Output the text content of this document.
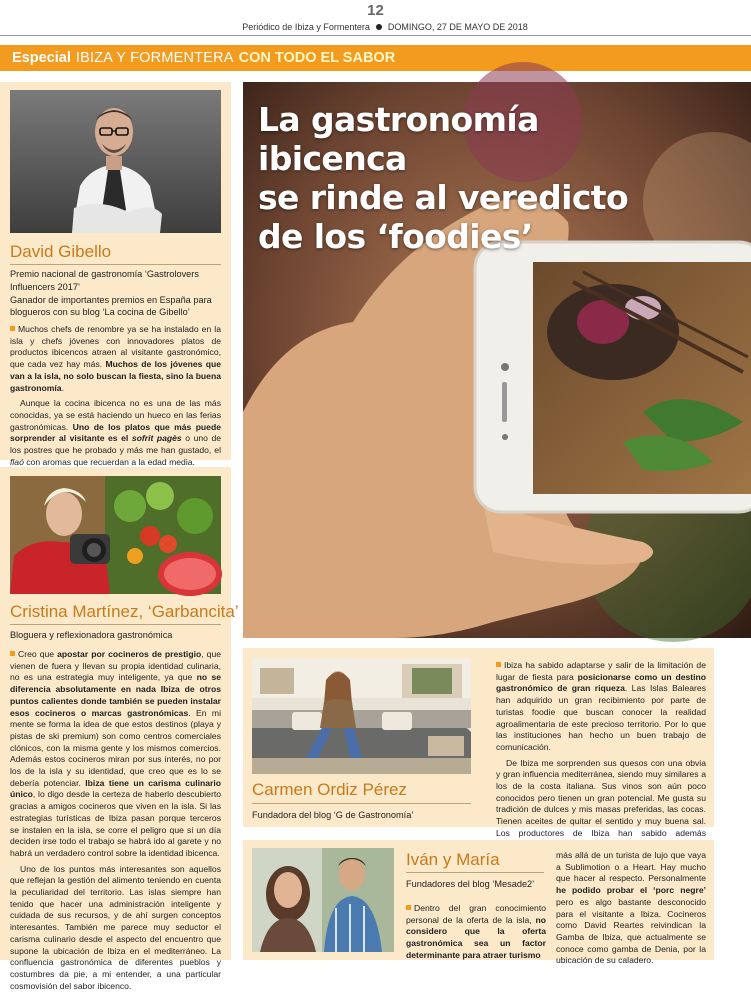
12
Periódico de Ibiza y Formentera DOMINGO, 27 DE MAYO DE 2018
Especial IBIZA Y FORMENTERA CON TODO EL SABOR
David Gibello
Premio nacional de gastronomía ‘Gastrolovers Influencers 2017’
Ganador de importantes premios en España para blogueros con su blog ‘La cocina de Gibello’

Muchos chefs de renombre ya se ha instalado en la isla y chefs jóvenes con innovadores platos de productos ibicencos atraen al visitante gastronómico, que cada vez hay más. Muchos de los jóvenes que van a la isla, no solo buscan la fiesta, sino la buena gastronomía.

Aunque la cocina ibicenca no es una de las más conocidas, ya se está haciendo un hueco en las ferias gastronómicas. Uno de los platos que más puede sorprender al visitante es el sofrit pagès o uno de los postres que he probado y más me han gustado, el flaó con aromas que recuerdan a la edad media.

Cristina Martínez, ‘Garbancita’
Bloguera y reflexionadora gastronómica

Creo que apostar por cocineros de prestigio, que vienen de fuera y llevan su propia identidad culinaria, no es una estrategia muy inteligente, ya que no se diferencia absolutamente en nada Ibiza de otros puntos calientes donde también se pueden instalar esos cocineros o marcas gastronómicas. En mi mente se forma la idea de que estos destinos (playa y pistas de ski premium) son como centros comerciales clónicos, con la misma gente y los mismos comercios. Además estos cocineros miran por sus interés, no por los de la isla y su identidad, que creo que es lo se debería potenciar. Ibiza tiene un carisma culinario único, lo digo desde la certeza de haberlo descubierto gracias a amigos cocineros que viven en la isla. Si las estrategias turísticas de Ibiza pasan porque terceros se instalen en la isla, se corre el peligro que si un día deciden irse todo el trabajo se habrá ido al garete y no habrá un verdadero control sobre la identidad ibicenca.

Uno de los puntos más interesantes son aquellos que reflejan la gestión del alimento teniendo en cuenta la peculiaridad del territorio. Las islas siempre han tenido que hacer una administración inteligente y cuidada de sus recursos, y de ahí surgen conceptos interesantes. También me parece muy seductor el carisma culinario desde el aspecto del encuentro que supone la ubicación de Ibiza en el mediterráneo. La confluencia gastronómica de diferentes pueblos y costumbres da pie, a mi entender, a una particular cosmovisión del sabor ibicenco.

La gastronomía ibicenca
se rinde al veredicto
de los ‘foodies’
Carmen Ordiz Pérez
Fundadora del blog ‘G de Gastronomía’

Ibiza ha sabido adaptarse y salir de la limitación de lugar de fiesta para posicionarse como un destino gastronómico de gran riqueza. Las Islas Baleares han adquirido un gran recibimiento por parte de turistas foodie que buscan conocer la realidad agroalimentaria de este precioso territorio. Por lo que las instituciones han hecho un buen trabajo de comunicación.

De Ibiza me sorprenden sus quesos con una obvia y gran influencia mediterránea, siendo muy similares a los de la costa italiana. Sus vinos son aún poco conocidos pero tienen un gran potencial. Me gusta su tradición de dulces y mis masas preferidas, las cocas. Tienen aceites de quitar el sentido y muy buena sal. Los productores de Ibiza han sabido además

Iván y María
Fundadores del blog ‘Mesade2’

Dentro del gran conocimiento personal de la oferta de la isla, no considero que la oferta gastronómica sea un factor determinante para atraer turismo

más allá de un turista de lujo que vaya a Sublimotion o a Heart. Hay mucho que hacer al respecto. Personalmente he podido probar el ‘porc negre’ pero es algo bastante desconocido para el visitante a Ibiza. Cocineros como David Reartes reivindican la Gamba de Ibiza, que actualmente se conoce como gamba de Denia, por la ubicación de su caladero.
